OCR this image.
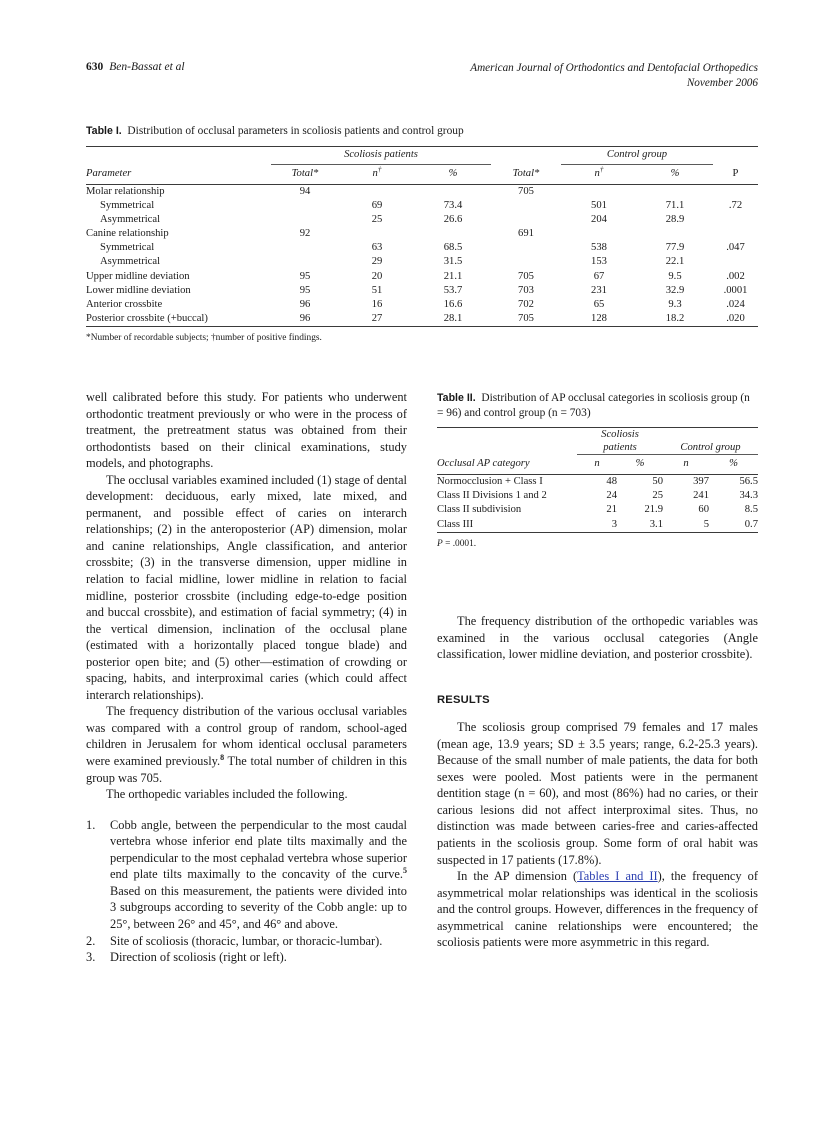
630 Ben-Bassat et al	American Journal of Orthodontics and Dentofacial Orthopedics
November 2006
Table I. Distribution of occlusal parameters in scoliosis patients and control group
	Scoliosis patients				Control group		
Parameter	Total*	n†	%	Total*	n†	%	P
Molar relationship	94			705			
Symmetrical		69	73.4		501	71.1	.72
Asymmetrical		25	26.6		204	28.9	
Canine relationship	92			691			
Symmetrical		63	68.5		538	77.9	.047
Asymmetrical		29	31.5		153	22.1	
Upper midline deviation	95	20	21.1	705	67	9.5	.002
Lower midline deviation	95	51	53.7	703	231	32.9	.0001
Anterior crossbite	96	16	16.6	702	65	9.3	.024
Posterior crossbite (+buccal)	96	27	28.1	705	128	18.2	.020
*Number of recordable subjects; †number of positive findings.
Table II. Distribution of AP occlusal categories in scoliosis group (n = 96) and control group (n = 703)
	Scoliosis			
	patients		Control group	
Occlusal AP category	n	%	n	%
Normocclusion + Class I	48	50	397	56.5
Class II Divisions 1 and 2	24	25	241	34.3
Class II subdivision	21	21.9	60	8.5
Class III	3	3.1	5	0.7
P = .0001.

well calibrated before this study. For patients who underwent orthodontic treatment previously or who were in the process of treatment, the pretreatment status was obtained from their orthodontists based on their clinical examinations, study models, and photographs.

The occlusal variables examined included (1) stage of dental development: deciduous, early mixed, late mixed, and permanent, and possible effect of caries on interarch relationships; (2) in the anteroposterior (AP) dimension, molar and canine relationships, Angle classification, and anterior crossbite; (3) in the transverse dimension, upper midline in relation to facial midline, lower midline in relation to facial midline, posterior crossbite (including edge-to-edge position and buccal crossbite), and estimation of facial symmetry; (4) in the vertical dimension, inclination of the occlusal plane (estimated with a horizontally placed tongue blade) and posterior open bite; and (5) other—estimation of crowding or spacing, habits, and interproximal caries (which could affect interarch relationships).

The frequency distribution of the various occlusal variables was compared with a control group of random, school-aged children in Jerusalem for whom identical occlusal parameters were examined previously.$^8$ The total number of children in this group was 705.

The orthopedic variables included the following.

1.	Cobb angle, between the perpendicular to the most caudal vertebra whose inferior end plate tilts maximally and the perpendicular to the most cephalad vertebra whose superior end plate tilts maximally to the concavity of the curve.$^5$ Based on this measurement, the patients were divided into 3 subgroups according to severity of the Cobb angle: up to 25°, between 26° and 45°, and 46° and above.
2.	Site of scoliosis (thoracic, lumbar, or thoracic-lumbar).
3.	Direction of scoliosis (right or left).

The frequency distribution of the orthopedic variables was examined in the various occlusal categories (Angle classification, lower midline deviation, and posterior crossbite).

RESULTS

The scoliosis group comprised 79 females and 17 males (mean age, 13.9 years; SD ± 3.5 years; range, 6.2-25.3 years). Because of the small number of male patients, the data for both sexes were pooled. Most patients were in the permanent dentition stage (n = 60), and most (86%) had no caries, or their carious lesions did not affect interproximal sites. Thus, no distinction was made between caries-free and caries-affected patients in the scoliosis group. Some form of oral habit was suspected in 17 patients (17.8%).

In the AP dimension (Tables I and II), the frequency of asymmetrical molar relationships was identical in the scoliosis and the control groups. However, differences in the frequency of asymmetrical canine relationships were encountered; the scoliosis patients were more asymmetric in this regard.
